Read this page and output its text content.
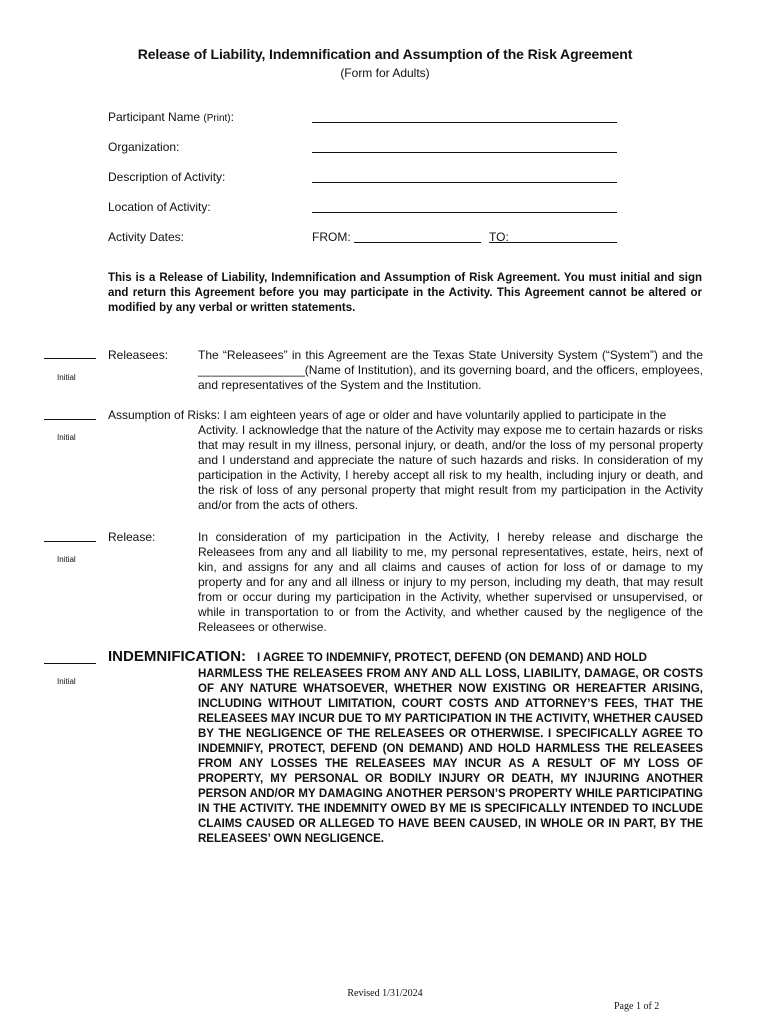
Release of Liability, Indemnification and Assumption of the Risk Agreement
(Form for Adults)
Participant Name (Print):
Organization:
Description of Activity:
Location of Activity:
Activity Dates:	FROM:	TO:
This is a Release of Liability, Indemnification and Assumption of Risk Agreement. You must initial and sign and return this Agreement before you may participate in the Activity. This Agreement cannot be altered or modified by any verbal or written statements.
Initial
Releasees: The “Releasees” in this Agreement are the Texas State University System (“System”) and the ________________(Name of Institution), and its governing board, and the officers, employees, and representatives of the System and the Institution.
Initial
Assumption of Risks: I am eighteen years of age or older and have voluntarily applied to participate in the
Activity. I acknowledge that the nature of the Activity may expose me to certain hazards or risks that may result in my illness, personal injury, or death, and/or the loss of my personal property and I understand and appreciate the nature of such hazards and risks. In consideration of my participation in the Activity, I hereby accept all risk to my health, including injury or death, and the risk of loss of any personal property that might result from my participation in the Activity and/or from the acts of others.
Initial
Release:	In consideration of my participation in the Activity, I hereby release and discharge the Releasees from any and all liability to me, my personal representatives, estate, heirs, next of kin, and assigns for any and all claims and causes of action for loss of or damage to my property and for any and all illness or injury to my person, including my death, that may result from or occur during my participation in the Activity, whether supervised or unsupervised, or while in transportation to or from the Activity, and whether caused by the negligence of the Releasees or otherwise.
Initial
INDEMNIFICATION: I AGREE TO INDEMNIFY, PROTECT, DEFEND (ON DEMAND) AND HOLD
HARMLESS THE RELEASEES FROM ANY AND ALL LOSS, LIABILITY, DAMAGE, OR COSTS OF ANY NATURE WHATSOEVER, WHETHER NOW EXISTING OR HEREAFTER ARISING, INCLUDING WITHOUT LIMITATION, COURT COSTS AND ATTORNEY’S FEES, THAT THE RELEASEES MAY INCUR DUE TO MY PARTICIPATION IN THE ACTIVITY, WHETHER CAUSED BY THE NEGLIGENCE OF THE RELEASEES OR OTHERWISE. I SPECIFICALLY AGREE TO INDEMNIFY, PROTECT, DEFEND (ON DEMAND) AND HOLD HARMLESS THE RELEASEES FROM ANY LOSSES THE RELEASEES MAY INCUR AS A RESULT OF MY LOSS OF PROPERTY, MY PERSONAL OR BODILY INJURY OR DEATH, MY INJURING ANOTHER PERSON AND/OR MY DAMAGING ANOTHER PERSON’S PROPERTY WHILE PARTICIPATING IN THE ACTIVITY. THE INDEMNITY OWED BY ME IS SPECIFICALLY INTENDED TO INCLUDE CLAIMS CAUSED OR ALLEGED TO HAVE BEEN CAUSED, IN WHOLE OR IN PART, BY THE RELEASEES’ OWN NEGLIGENCE.
Revised 1/31/2024
Page 1 of 2
